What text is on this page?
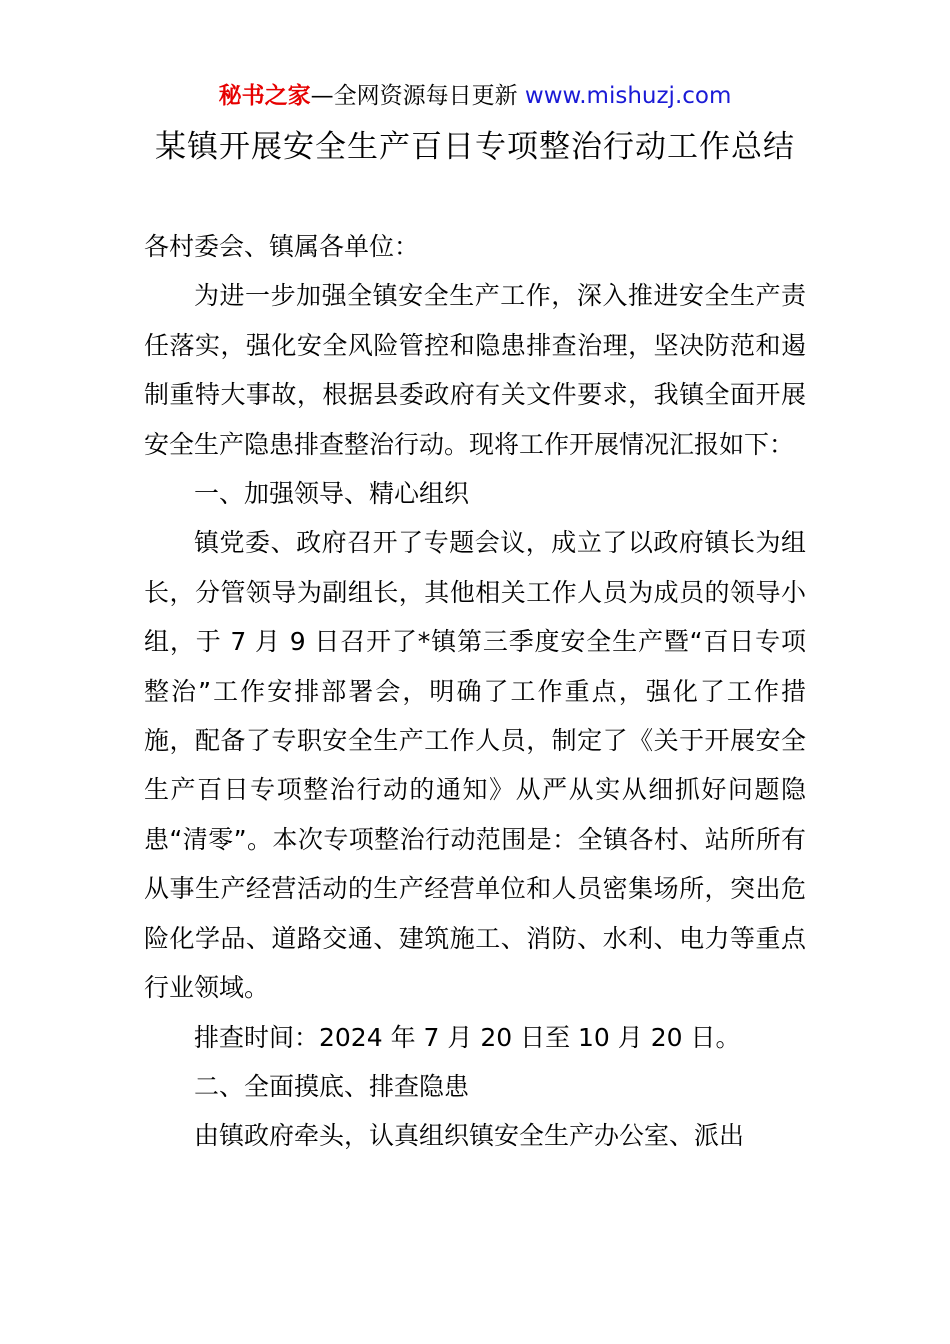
秘书之家—全网资源每日更新 www.mishuzj.com
某镇开展安全生产百日专项整治行动工作总结

各村委会、镇属各单位：

为进一步加强全镇安全生产工作，深入推进安全生产责任落实，强化安全风险管控和隐患排查治理，坚决防范和遏制重特大事故，根据县委政府有关文件要求，我镇全面开展安全生产隐患排查整治行动。现将工作开展情况汇报如下：

一、加强领导、精心组织

镇党委、政府召开了专题会议，成立了以政府镇长为组长，分管领导为副组长，其他相关工作人员为成员的领导小组，于 7 月 9 日召开了*镇第三季度安全生产暨“百日专项整治”工作安排部署会，明确了工作重点，强化了工作措施，配备了专职安全生产工作人员，制定了《关于开展安全生产百日专项整治行动的通知》从严从实从细抓好问题隐患“清零”。本次专项整治行动范围是：全镇各村、站所所有从事生产经营活动的生产经营单位和人员密集场所，突出危险化学品、道路交通、建筑施工、消防、水利、电力等重点行业领域。

排查时间：2024 年 7 月 20 日至 10 月 20 日。

二、全面摸底、排查隐患

由镇政府牵头，认真组织镇安全生产办公室、派出
